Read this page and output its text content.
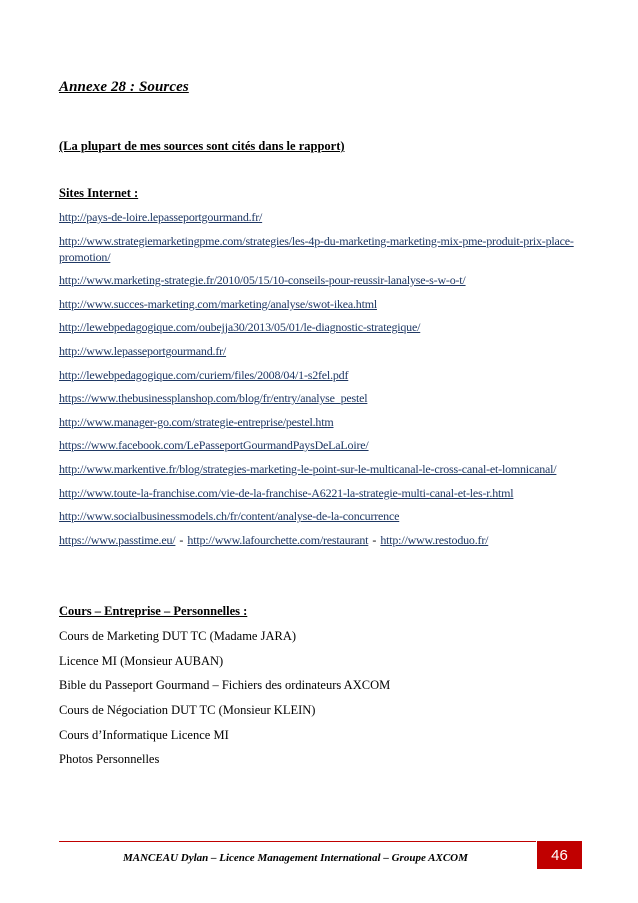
Annexe 28 : Sources
(La plupart de mes sources sont cités dans le rapport)
Sites Internet :
http://pays-de-loire.lepasseportgourmand.fr/
http://www.strategiemarketingpme.com/strategies/les-4p-du-marketing-marketing-mix-pme-produit-prix-place-promotion/
http://www.marketing-strategie.fr/2010/05/15/10-conseils-pour-reussir-lanalyse-s-w-o-t/
http://www.succes-marketing.com/marketing/analyse/swot-ikea.html
http://lewebpedagogique.com/oubejja30/2013/05/01/le-diagnostic-strategique/
http://www.lepasseportgourmand.fr/
http://lewebpedagogique.com/curiem/files/2008/04/1-s2fel.pdf
https://www.thebusinessplanshop.com/blog/fr/entry/analyse_pestel
http://www.manager-go.com/strategie-entreprise/pestel.htm
https://www.facebook.com/LePasseportGourmandPaysDeLaLoire/
http://www.markentive.fr/blog/strategies-marketing-le-point-sur-le-multicanal-le-cross-canal-et-lomnicanal/
http://www.toute-la-franchise.com/vie-de-la-franchise-A6221-la-strategie-multi-canal-et-les-r.html
http://www.socialbusinessmodels.ch/fr/content/analyse-de-la-concurrence
https://www.passtime.eu/ - http://www.lafourchette.com/restaurant - http://www.restoduo.fr/
Cours – Entreprise – Personnelles :
Cours de Marketing DUT TC (Madame JARA)
Licence MI (Monsieur AUBAN)
Bible du Passeport Gourmand – Fichiers des ordinateurs AXCOM
Cours de Négociation DUT TC (Monsieur KLEIN)
Cours d’Informatique Licence MI
Photos Personnelles
MANCEAU Dylan – Licence Management International – Groupe AXCOM	46
